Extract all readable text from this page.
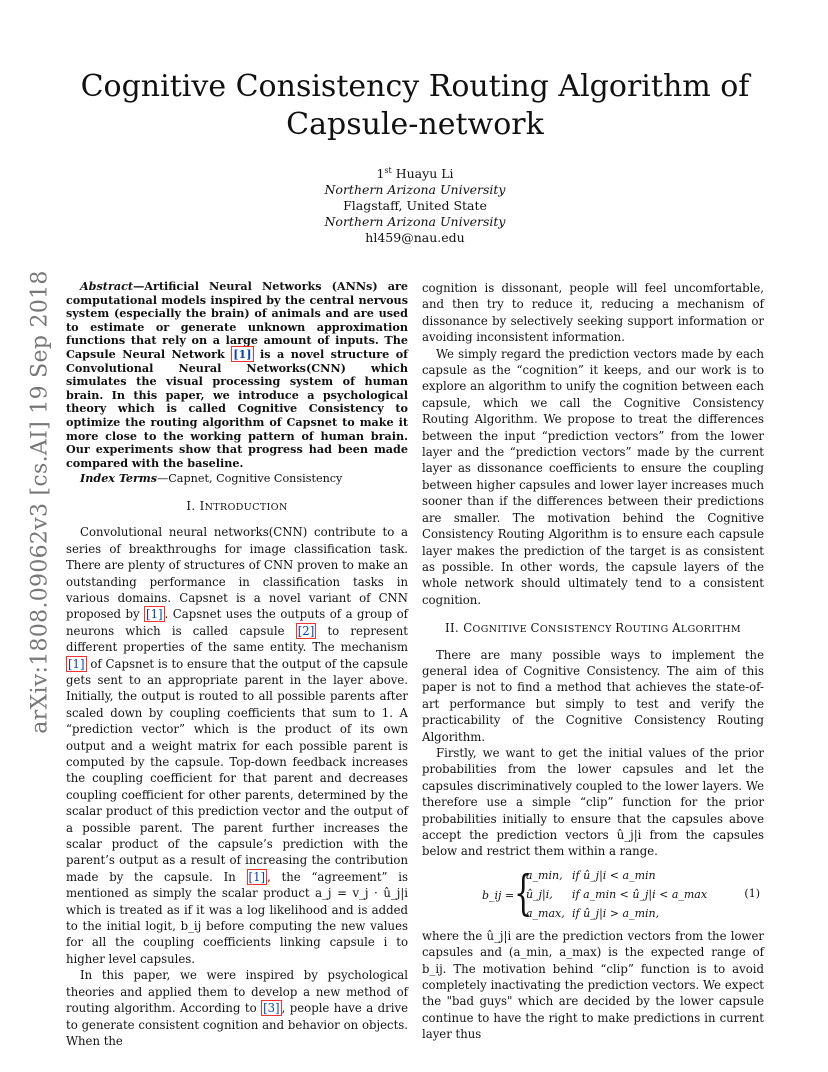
arXiv:1808.09062v3 [cs.AI] 19 Sep 2018
Cognitive Consistency Routing Algorithm of
Capsule-network
1st Huayu Li
Northern Arizona University
Flagstaff, United State
Northern Arizona University
hl459@nau.edu

Abstract—Artificial Neural Networks (ANNs) are computational models inspired by the central nervous system (especially the brain) of animals and are used to estimate or generate unknown approximation functions that rely on a large amount of inputs. The Capsule Neural Network [1] is a novel structure of Convolutional Neural Networks(CNN) which simulates the visual processing system of human brain. In this paper, we introduce a psychological theory which is called Cognitive Consistency to optimize the routing algorithm of Capsnet to make it more close to the working pattern of human brain. Our experiments show that progress had been made compared with the baseline.

Index Terms—Capnet, Cognitive Consistency

I. INTRODUCTION

Convolutional neural networks(CNN) contribute to a series of breakthroughs for image classification task. There are plenty of structures of CNN proven to make an outstanding performance in classification tasks in various domains. Capsnet is a novel variant of CNN proposed by [1] . Capsnet uses the outputs of a group of neurons which is called capsule [2] to represent different properties of the same entity. The mechanism [1] of Capsnet is to ensure that the output of the capsule gets sent to an appropriate parent in the layer above. Initially, the output is routed to all possible parents after scaled down by coupling coefficients that sum to 1. A “prediction vector” which is the product of its own output and a weight matrix for each possible parent is computed by the capsule. Top-down feedback increases the coupling coefficient for that parent and decreases coupling coefficient for other parents, determined by the scalar product of this prediction vector and the output of a possible parent. The parent further increases the scalar product of the capsule’s prediction with the parent’s output as a result of increasing the contribution made by the capsule. In [1] , the “agreement” is mentioned as simply the scalar product a_j = v_j · û_j|i which is treated as if it was a log likelihood and is added to the initial logit, b_ij before computing the new values for all the coupling coefficients linking capsule i to higher level capsules.

In this paper, we were inspired by psychological theories and applied them to develop a new method of routing algorithm. According to [3] , people have a drive to generate consistent cognition and behavior on objects. When the

cognition is dissonant, people will feel uncomfortable, and then try to reduce it, reducing a mechanism of dissonance by selectively seeking support information or avoiding inconsistent information.

We simply regard the prediction vectors made by each capsule as the “cognition” it keeps, and our work is to explore an algorithm to unify the cognition between each capsule, which we call the Cognitive Consistency Routing Algorithm. We propose to treat the differences between the input “prediction vectors” from the lower layer and the “prediction vectors” made by the current layer as dissonance coefficients to ensure the coupling between higher capsules and lower layer increases much sooner than if the differences between their predictions are smaller. The motivation behind the Cognitive Consistency Routing Algorithm is to ensure each capsule layer makes the prediction of the target is as consistent as possible. In other words, the capsule layers of the whole network should ultimately tend to a consistent cognition.

II. COGNITIVE CONSISTENCY ROUTING ALGORITHM

There are many possible ways to implement the general idea of Cognitive Consistency. The aim of this paper is not to find a method that achieves the state-of-art performance but simply to test and verify the practicability of the Cognitive Consistency Routing Algorithm.

Firstly, we want to get the initial values of the prior probabilities from the lower capsules and let the capsules discriminatively coupled to the lower layers. We therefore use a simple “clip” function for the prior probabilities initially to ensure that the capsules above accept the prediction vectors û_j|i from the capsules below and restrict them within a range.

b_ij = {
a_min, if û_j|i < a_min
û_j|i, if a_min < û_j|i < a_max
a_max, if û_j|i > a_min,
(1)

where the û_j|i are the prediction vectors from the lower capsules and (a_min, a_max) is the expected range of b_ij. The motivation behind “clip” function is to avoid completely inactivating the prediction vectors. We expect the "bad guys" which are decided by the lower capsule continue to have the right to make predictions in current layer thus
